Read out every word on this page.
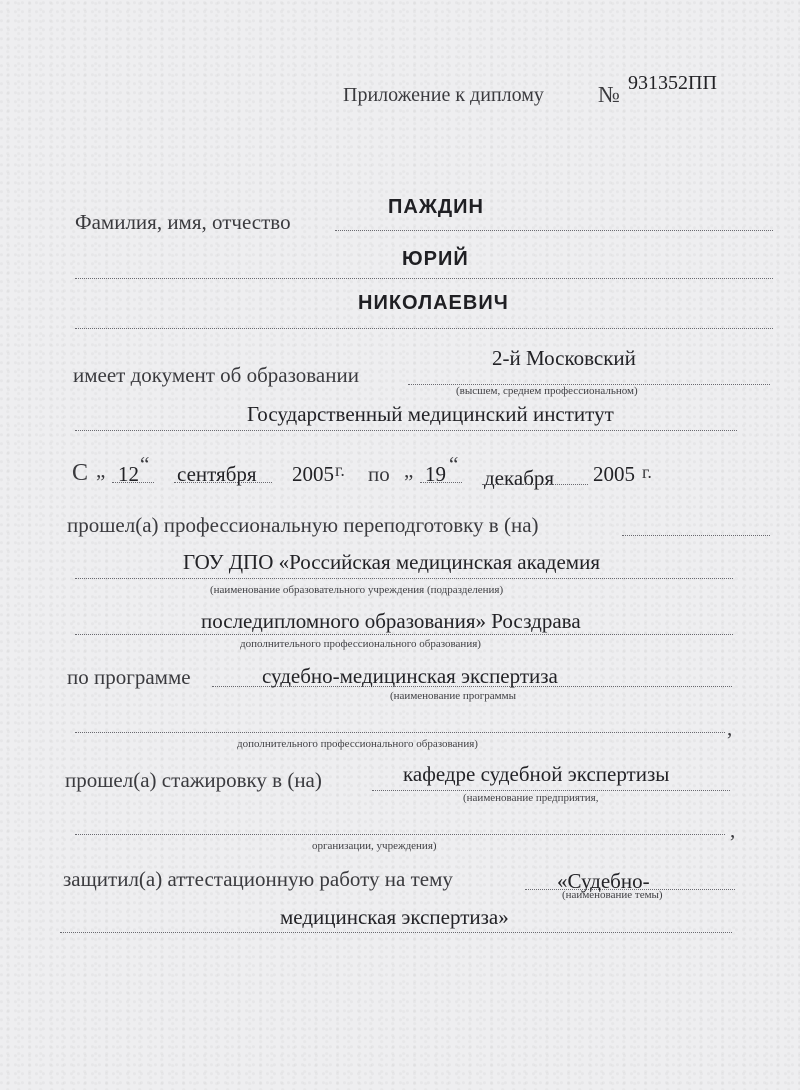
Приложение к диплому № 931352ПП
Фамилия, имя, отчество
ПАЖДИН
ЮРИЙ
НИКОЛАЕВИЧ
имеет документ об образовании
2-й Московский
(высшем, среднем профессиональном)
Государственный медицинский институт
С „ 12 “ сентября 2005 г. по „ 19 “
декабря 2005 г.
прошел(а) профессиональную переподготовку в (на)
ГОУ ДПО «Российская медицинская академия
(наименование образовательного учреждения (подразделения)
последипломного образования» Росздрава
дополнительного профессионального образования)
по программе	судебно-медицинская экспертиза
(наименование программы
,
дополнительного профессионального образования)
прошел(а) стажировку в (на)	кафедре судебной экспертизы
(наименование предприятия,
,
организации, учреждения)
защитил(а) аттестационную работу на тему	«Судебно-
(наименование темы)
медицинская экспертиза»
